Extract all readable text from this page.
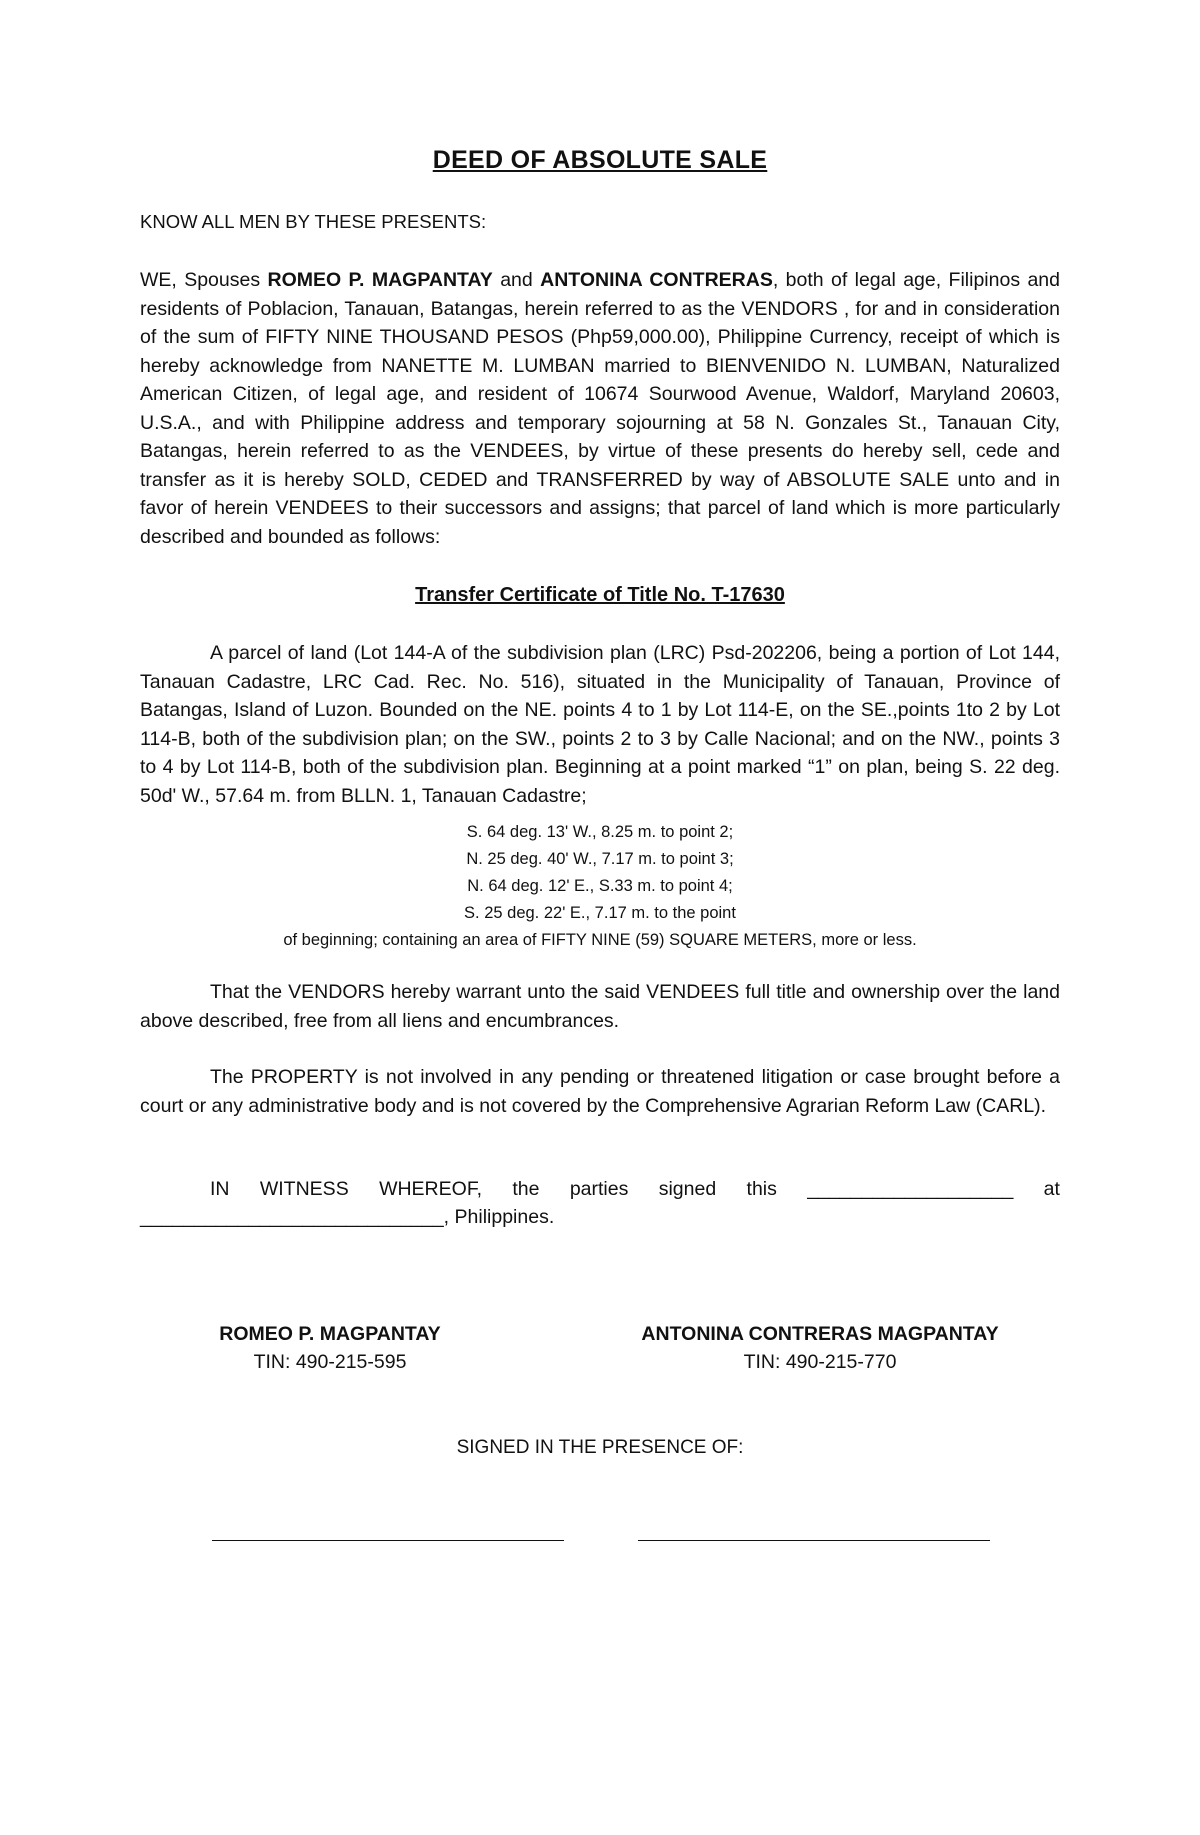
DEED OF ABSOLUTE SALE
KNOW ALL MEN BY THESE PRESENTS:

WE, Spouses ROMEO P. MAGPANTAY and ANTONINA CONTRERAS, both of legal age, Filipinos and residents of Poblacion, Tanauan, Batangas, herein referred to as the VENDORS , for and in consideration of the sum of FIFTY NINE THOUSAND PESOS (Php59,000.00), Philippine Currency, receipt of which is hereby acknowledge from NANETTE M. LUMBAN married to BIENVENIDO N. LUMBAN, Naturalized American Citizen, of legal age, and resident of 10674 Sourwood Avenue, Waldorf, Maryland 20603, U.S.A., and with Philippine address and temporary sojourning at 58 N. Gonzales St., Tanauan City, Batangas, herein referred to as the VENDEES, by virtue of these presents do hereby sell, cede and transfer as it is hereby SOLD, CEDED and TRANSFERRED by way of ABSOLUTE SALE unto and in favor of herein VENDEES to their successors and assigns; that parcel of land which is more particularly described and bounded as follows:

Transfer Certificate of Title No. T-17630

A parcel of land (Lot 144-A of the subdivision plan (LRC) Psd-202206, being a portion of Lot 144, Tanauan Cadastre, LRC Cad. Rec. No. 516), situated in the Municipality of Tanauan, Province of Batangas, Island of Luzon. Bounded on the NE. points 4 to 1 by Lot 114-E, on the SE.,points 1to 2 by Lot 114-B, both of the subdivision plan; on the SW., points 2 to 3 by Calle Nacional; and on the NW., points 3 to 4 by Lot 114-B, both of the subdivision plan. Beginning at a point marked “1” on plan, being S. 22 deg. 50d' W., 57.64 m. from BLLN. 1, Tanauan Cadastre;

S. 64 deg. 13' W., 8.25 m. to point 2;
N. 25 deg. 40' W., 7.17 m. to point 3;
N. 64 deg. 12' E., S.33 m. to point 4;
S. 25 deg. 22' E., 7.17 m. to the point
of beginning; containing an area of FIFTY NINE (59) SQUARE METERS, more or less.

That the VENDORS hereby warrant unto the said VENDEES full title and ownership over the land above described, free from all liens and encumbrances.

The PROPERTY is not involved in any pending or threatened litigation or case brought before a court or any administrative body and is not covered by the Comprehensive Agrarian Reform Law (CARL).

IN WITNESS WHEREOF, the parties signed this ___________________ at
____________________________, Philippines.
ROMEO P. MAGPANTAY
TIN: 490-215-595
ANTONINA CONTRERAS MAGPANTAY
TIN: 490-215-770
SIGNED IN THE PRESENCE OF:
